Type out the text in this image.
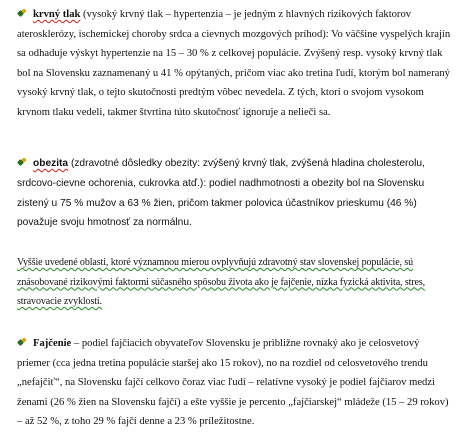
krvný tlak (vysoký krvný tlak – hypertenzia – je jedným z hlavných rizikových faktorov aterosklerózy, ischemickej choroby srdca a cievnych mozgových príhod): Vo väčšine vyspelých krajín sa odhaduje výskyt hypertenzie na 15 – 30 % z celkovej populácie. Zvýšený resp. vysoký krvný tlak bol na Slovensku zaznamenaný u 41 % opýtaných, pričom viac ako tretina ľudí, ktorým bol nameraný vysoký krvný tlak, o tejto skutočnosti predtým vôbec nevedela. Z tých, ktorí o svojom vysokom krvnom tlaku vedeli, takmer štvrtina túto skutočnosť ignoruje a nelieči sa.

obezita (zdravotné dôsledky obezity: zvýšený krvný tlak, zvýšená hladina cholesterolu, srdcovo-cievne ochorenia, cukrovka atď.): podiel nadhmotnosti a obezity bol na Slovensku zistený u 75 % mužov a 63 % žien, pričom takmer polovica účastníkov prieskumu (46 %) považuje svoju hmotnosť za normálnu.

Vyššie uvedené oblasti, ktoré významnou mierou ovplyvňujú zdravotný stav slovenskej populácie, sú znásobované rizikovými faktormi súčasného spôsobu života ako je fajčenie, nízka fyzická aktivita, stres, stravovacie zvyklosti.

Fajčenie – podiel fajčiacich obyvateľov Slovensku je približne rovnaký ako je celosvetový priemer (cca jedna tretina populácie staršej ako 15 rokov), no na rozdiel od celosvetového trendu „nefajčiť“, na Slovensku fajčí celkovo čoraz viac ľudí – relatívne vysoký je podiel fajčiarov medzi ženami (26 % žien na Slovensku fajčí) a ešte vyššie je percento „fajčiarskej“ mládeže (15 – 29 rokov) – až 52 %, z toho 29 % fajčí denne a 23 % príležitostne.
